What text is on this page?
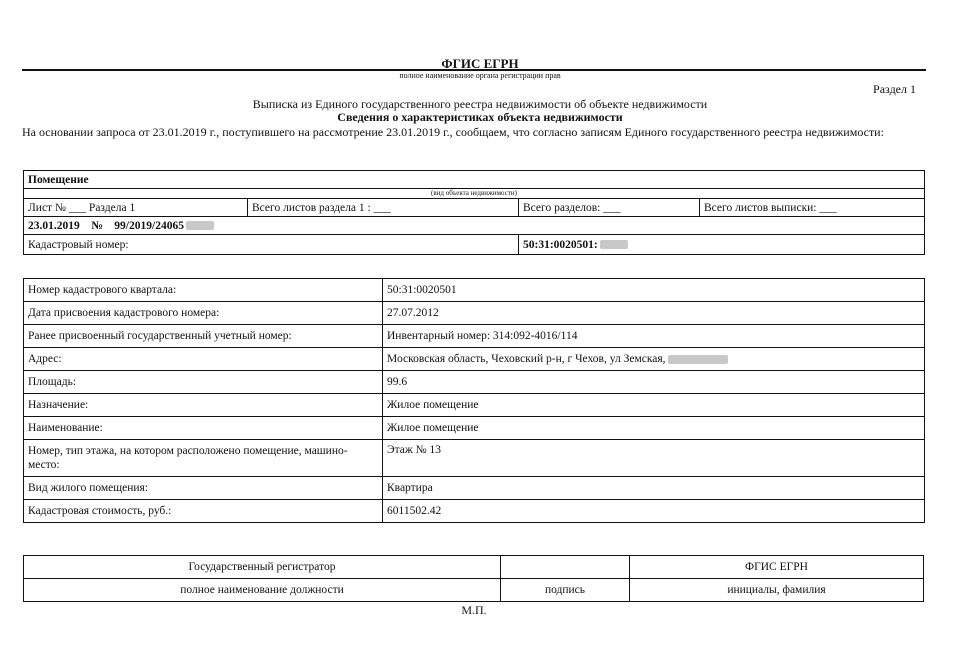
ФГИС ЕГРН
полное наименование органа регистрации прав
Раздел 1
Выписка из Единого государственного реестра недвижимости об объекте недвижимости
Сведения о характеристиках объекта недвижимости
На основании запроса от 23.01.2019 г., поступившего на рассмотрение 23.01.2019 г., сообщаем, что согласно записям Единого государственного реестра недвижимости:
Помещение			
(вид объекта недвижимости)			
Лист № ___ Раздела 1	Всего листов раздела 1 : ___	Всего разделов: ___	Всего листов выписки: ___
23.01.2019    №    99/2019/24065			
Кадастровый номер:		50:31:0020501:	
Номер кадастрового квартала:	50:31:0020501
Дата присвоения кадастрового номера:	27.07.2012
Ранее присвоенный государственный учетный номер:	Инвентарный номер: 314:092-4016/114
Адрес:	Московская область, Чеховский р-н, г Чехов, ул Земская,
Площадь:	99.6
Назначение:	Жилое помещение
Наименование:	Жилое помещение
Номер, тип этажа, на котором расположено помещение, машино-место:	Этаж № 13
Вид жилого помещения:	Квартира
Кадастровая стоимость, руб.:	6011502.42
Государственный регистратор		ФГИС ЕГРН
полное наименование должности	подпись	инициалы, фамилия
М.П.
